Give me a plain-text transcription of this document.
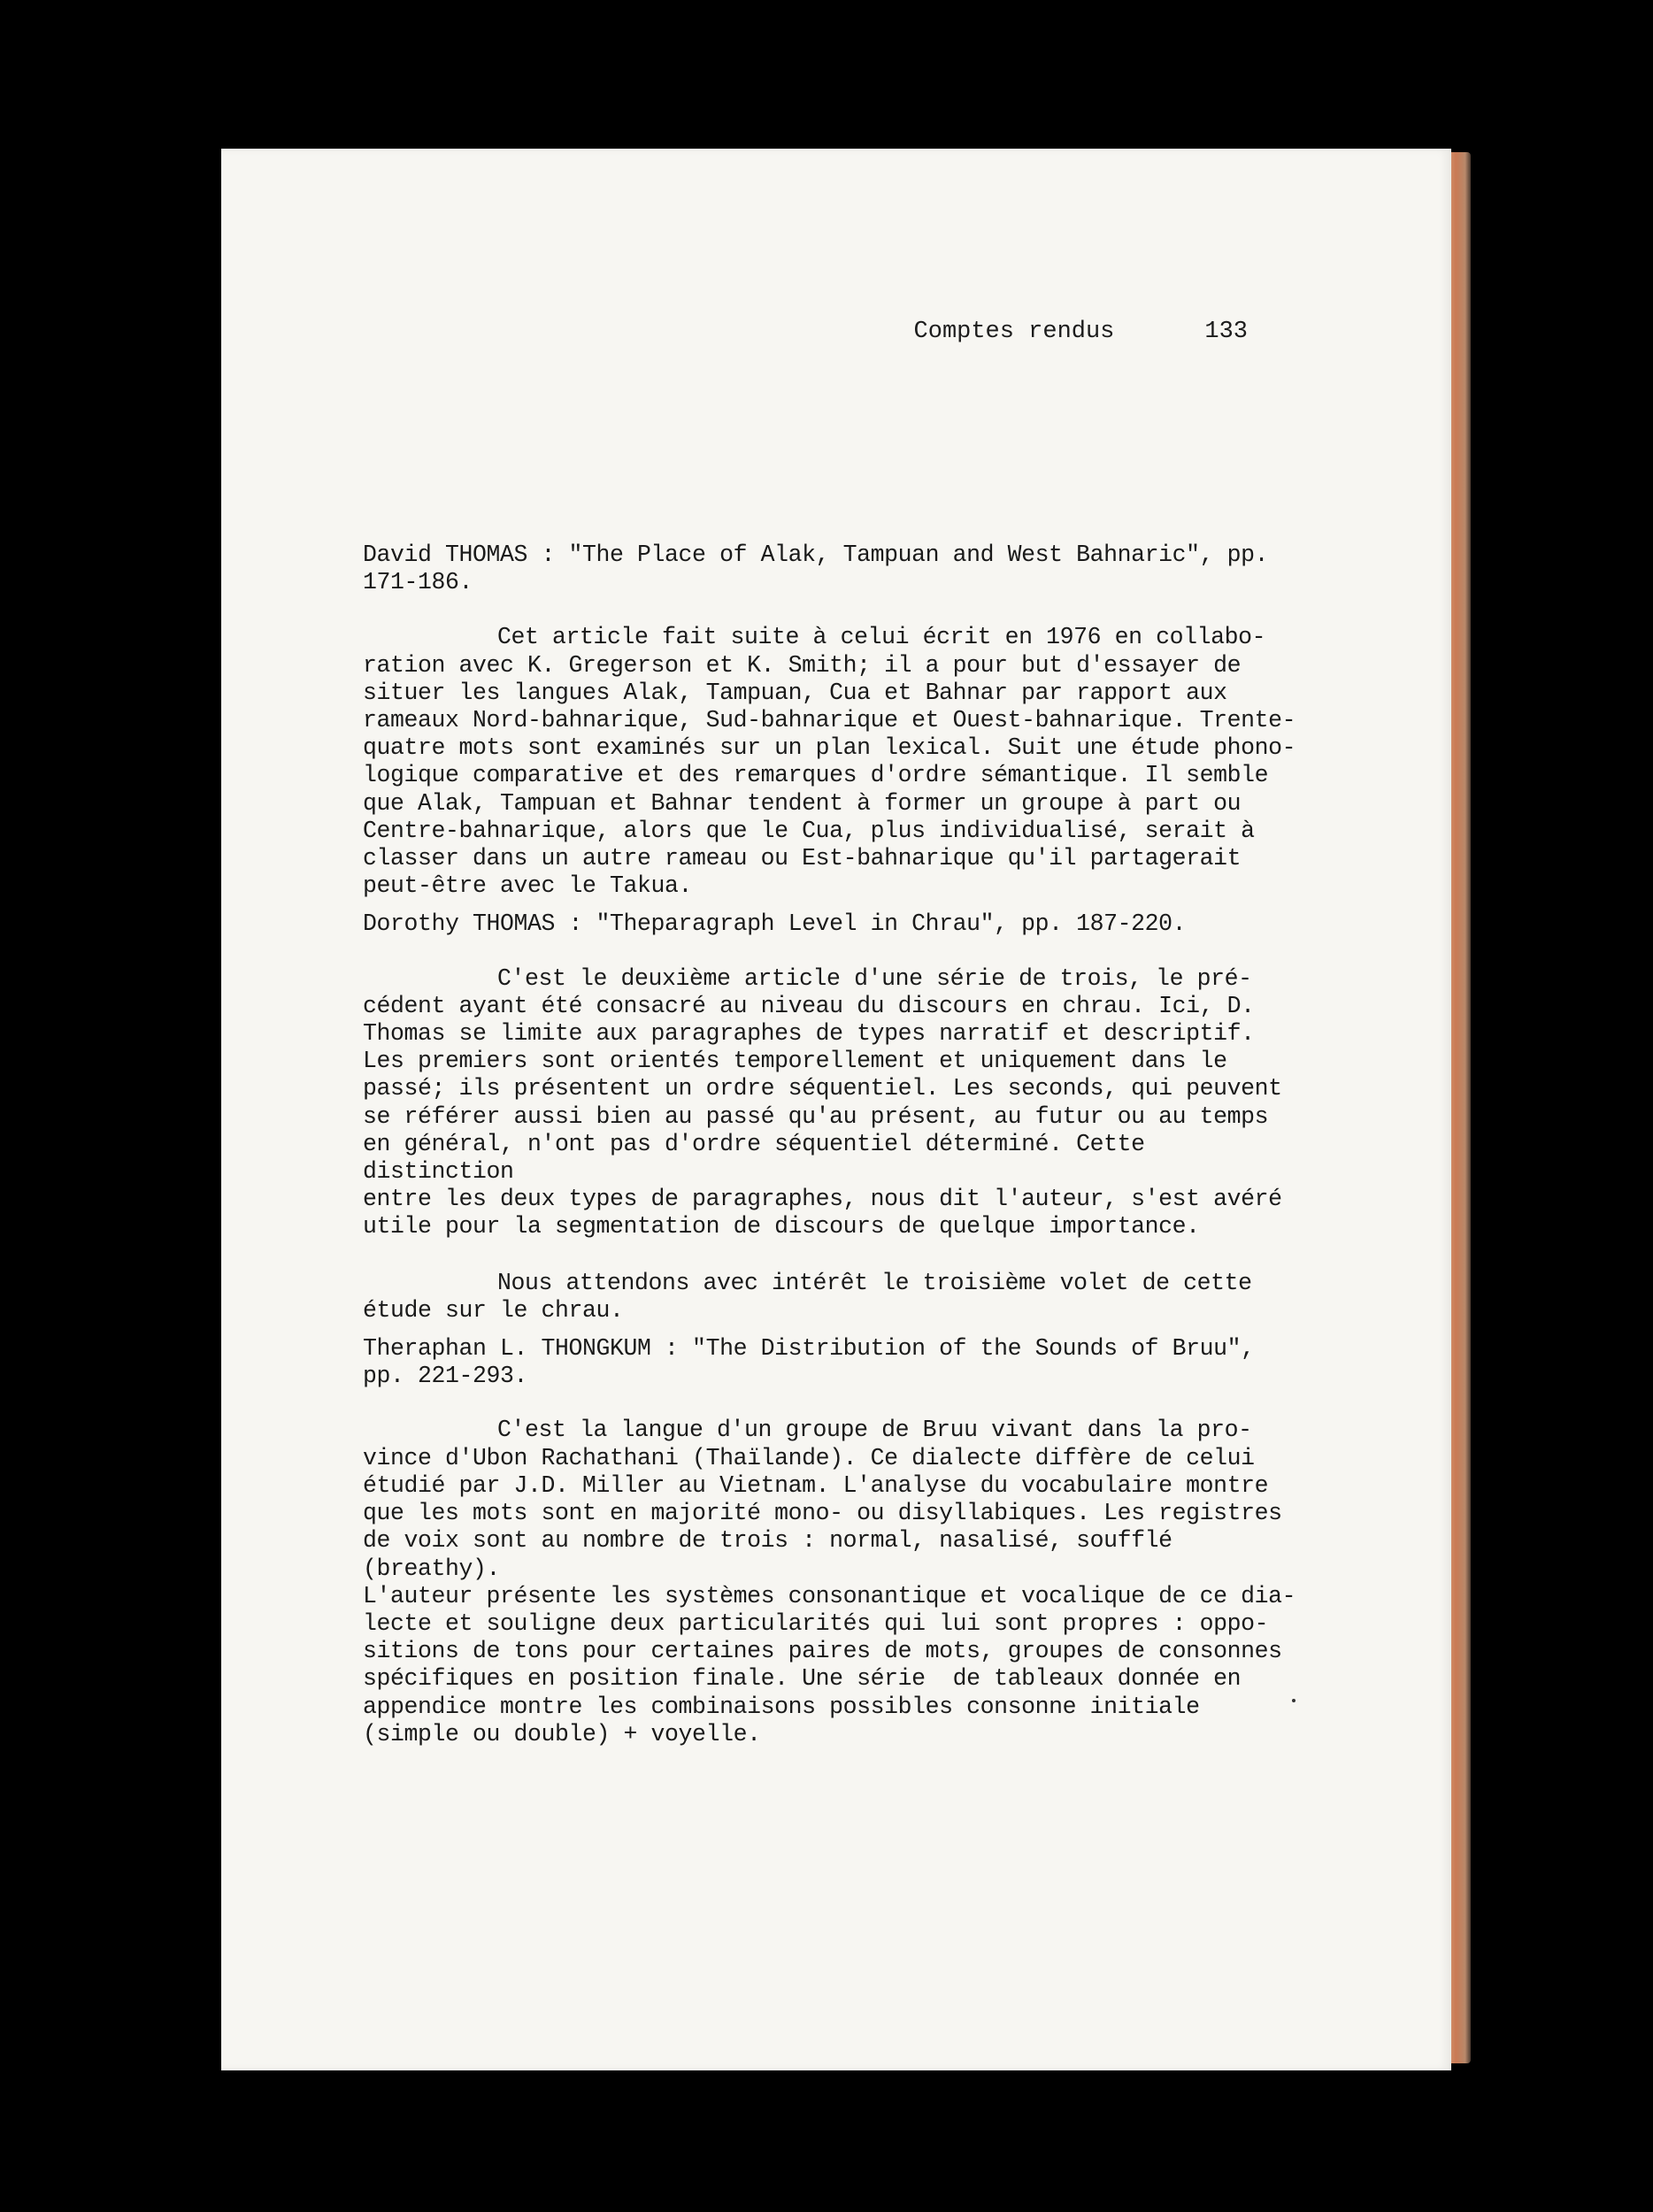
Comptes rendus	133

David THOMAS : "The Place of Alak, Tampuan and West Bahnaric", pp.
171-186.

Cet article fait suite à celui écrit en 1976 en collabo-
ration avec K. Gregerson et K. Smith; il a pour but d'essayer de
situer les langues Alak, Tampuan, Cua et Bahnar par rapport aux
rameaux Nord-bahnarique, Sud-bahnarique et Ouest-bahnarique. Trente-
quatre mots sont examinés sur un plan lexical. Suit une étude phono-
logique comparative et des remarques d'ordre sémantique. Il semble
que Alak, Tampuan et Bahnar tendent à former un groupe à part ou
Centre-bahnarique, alors que le Cua, plus individualisé, serait à
classer dans un autre rameau ou Est-bahnarique qu'il partagerait
peut-être avec le Takua.

Dorothy THOMAS : "Theparagraph Level in Chrau", pp. 187-220.

C'est le deuxième article d'une série de trois, le pré-
cédent ayant été consacré au niveau du discours en chrau. Ici, D.
Thomas se limite aux paragraphes de types narratif et descriptif.
Les premiers sont orientés temporellement et uniquement dans le
passé; ils présentent un ordre séquentiel. Les seconds, qui peuvent
se référer aussi bien au passé qu'au présent, au futur ou au temps
en général, n'ont pas d'ordre séquentiel déterminé. Cette distinction
entre les deux types de paragraphes, nous dit l'auteur, s'est avéré
utile pour la segmentation de discours de quelque importance.

Nous attendons avec intérêt le troisième volet de cette
étude sur le chrau.

Theraphan L. THONGKUM : "The Distribution of the Sounds of Bruu",
pp. 221-293.

C'est la langue d'un groupe de Bruu vivant dans la pro-
vince d'Ubon Rachathani (Thaïlande). Ce dialecte diffère de celui
étudié par J.D. Miller au Vietnam. L'analyse du vocabulaire montre
que les mots sont en majorité mono- ou disyllabiques. Les registres
de voix sont au nombre de trois : normal, nasalisé, soufflé (breathy).
L'auteur présente les systèmes consonantique et vocalique de ce dia-
lecte et souligne deux particularités qui lui sont propres : oppo-
sitions de tons pour certaines paires de mots, groupes de consonnes
spécifiques en position finale. Une série  de tableaux donnée en
appendice montre les combinaisons possibles consonne initiale
(simple ou double) + voyelle.
